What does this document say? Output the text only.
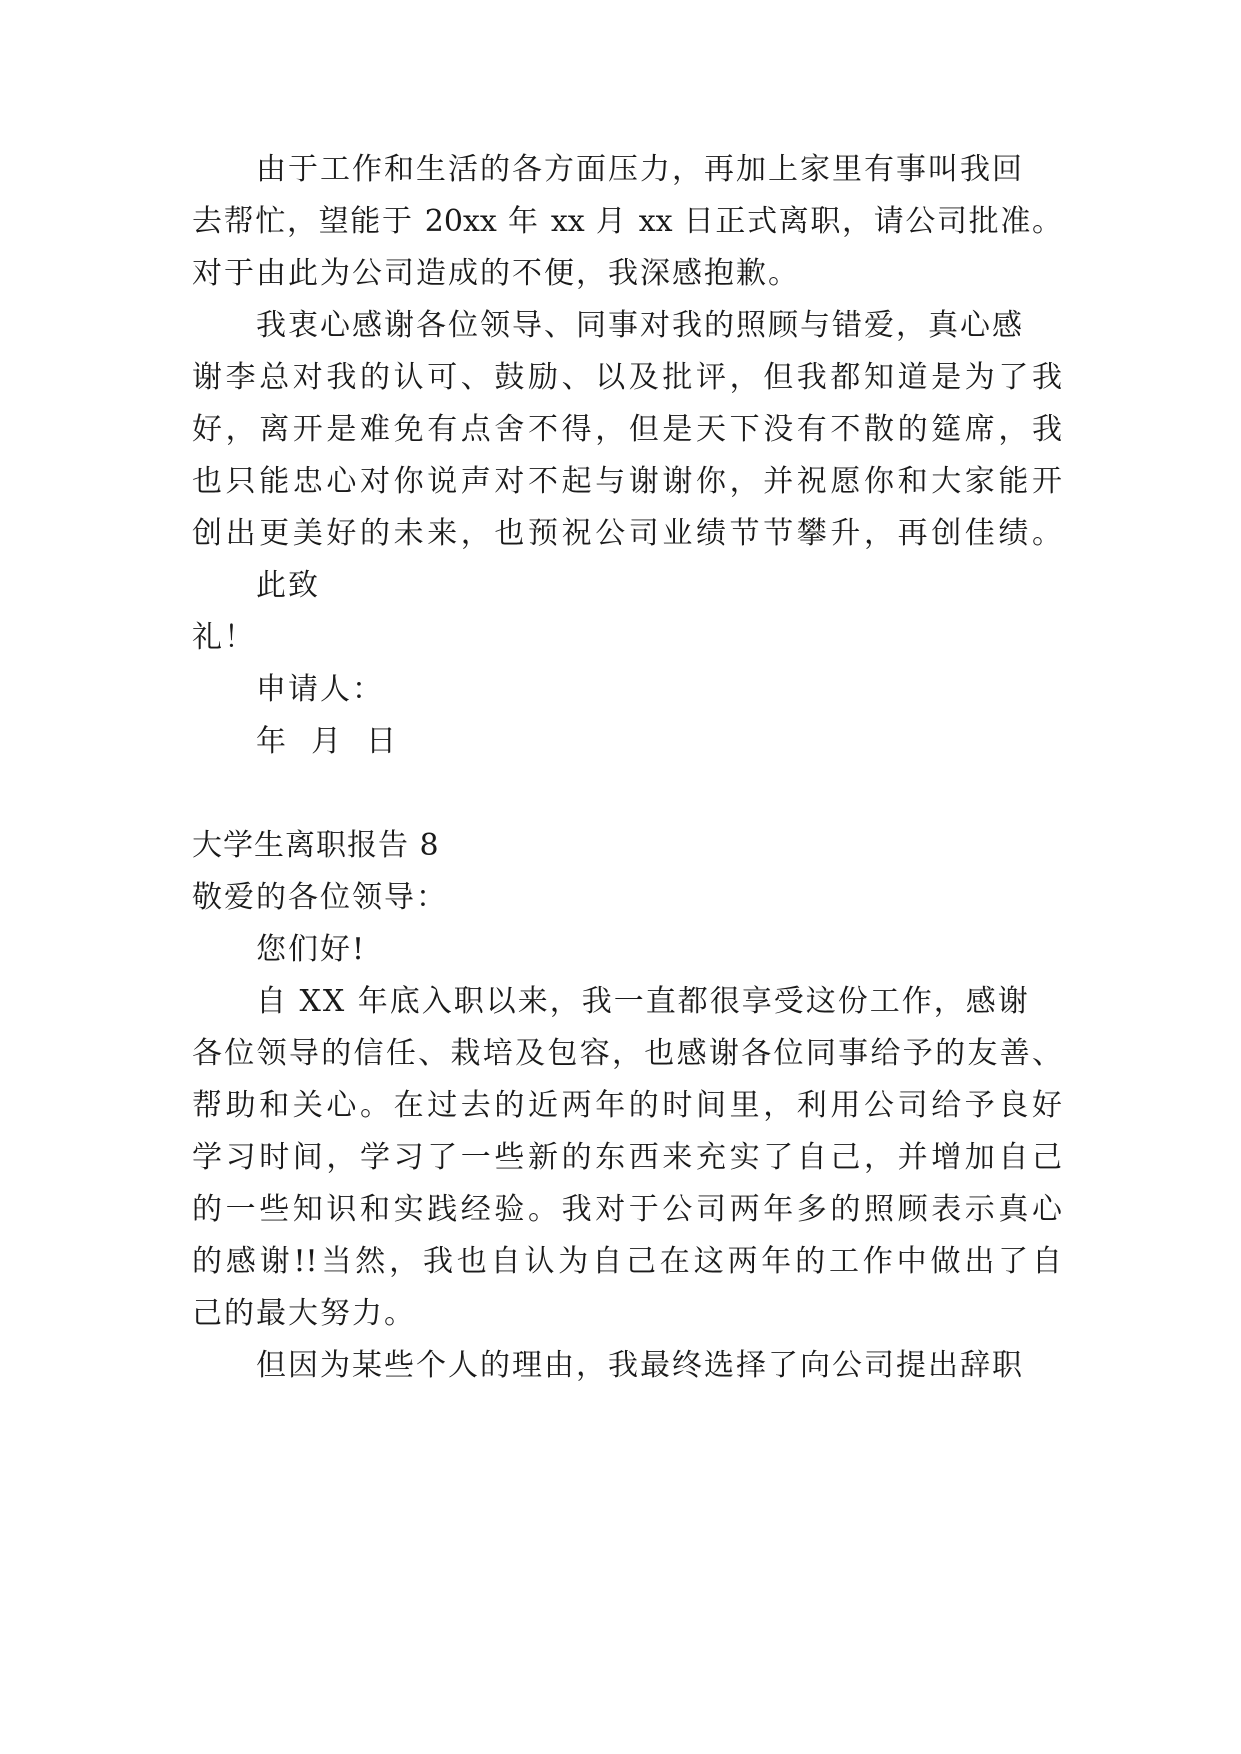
由于工作和生活的各方面压力，再加上家里有事叫我回

去帮忙，望能于 20xx 年 xx 月 xx 日正式离职，请公司批准。

对于由此为公司造成的不便，我深感抱歉。

我衷心感谢各位领导、同事对我的照顾与错爱，真心感

谢李总对我的认可、鼓励、以及批评，但我都知道是为了我

好，离开是难免有点舍不得，但是天下没有不散的筵席，我

也只能忠心对你说声对不起与谢谢你，并祝愿你和大家能开

创出更美好的未来，也预祝公司业绩节节攀升，再创佳绩。

此致

礼！

申请人：

年  月  日

大学生离职报告 8

敬爱的各位领导：

您们好!

自 XX 年底入职以来，我一直都很享受这份工作，感谢

各位领导的信任、栽培及包容，也感谢各位同事给予的友善、

帮助和关心。在过去的近两年的时间里，利用公司给予良好

学习时间，学习了一些新的东西来充实了自己，并增加自己

的一些知识和实践经验。我对于公司两年多的照顾表示真心

的感谢!!当然，我也自认为自己在这两年的工作中做出了自

己的最大努力。

但因为某些个人的理由，我最终选择了向公司提出辞职
